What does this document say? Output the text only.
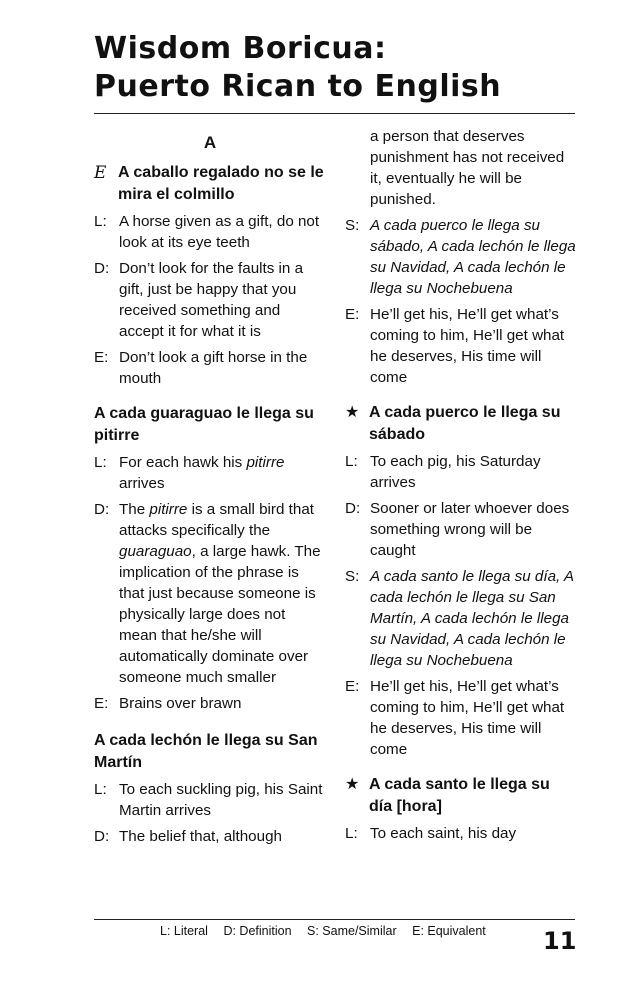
Wisdom Boricua:
Puerto Rican to English
A
E A caballo regalado no se le mira el colmillo
L: A horse given as a gift, do not look at its eye teeth
D: Don’t look for the faults in a gift, just be happy that you received something and accept it for what it is
E: Don’t look a gift horse in the mouth
A cada guaraguao le llega su pitirre
L: For each hawk his pitirre arrives
D: The pitirre is a small bird that attacks specifically the guaraguao, a large hawk. The implication of the phrase is that just because someone is physically large does not mean that he/she will automatically dominate over someone much smaller
E: Brains over brawn
A cada lechón le llega su San Martín
L: To each suckling pig, his Saint Martin arrives
D: The belief that, although
a person that deserves punishment has not received it, eventually he will be punished.
S: A cada puerco le llega su sábado, A cada lechón le llega su Navidad, A cada lechón le llega su Nochebuena
E: He’ll get his, He’ll get what’s coming to him, He’ll get what he deserves, His time will come
★ A cada puerco le llega su sábado
L: To each pig, his Saturday arrives
D: Sooner or later whoever does something wrong will be caught
S: A cada santo le llega su día, A cada lechón le llega su San Martín, A cada lechón le llega su Navidad, A cada lechón le llega su Nochebuena
E: He’ll get his, He’ll get what’s coming to him, He’ll get what he deserves, His time will come
★ A cada santo le llega su día [hora]
L: To each saint, his day
L: Literal D: Definition S: Same/Similar E: Equivalent	11
